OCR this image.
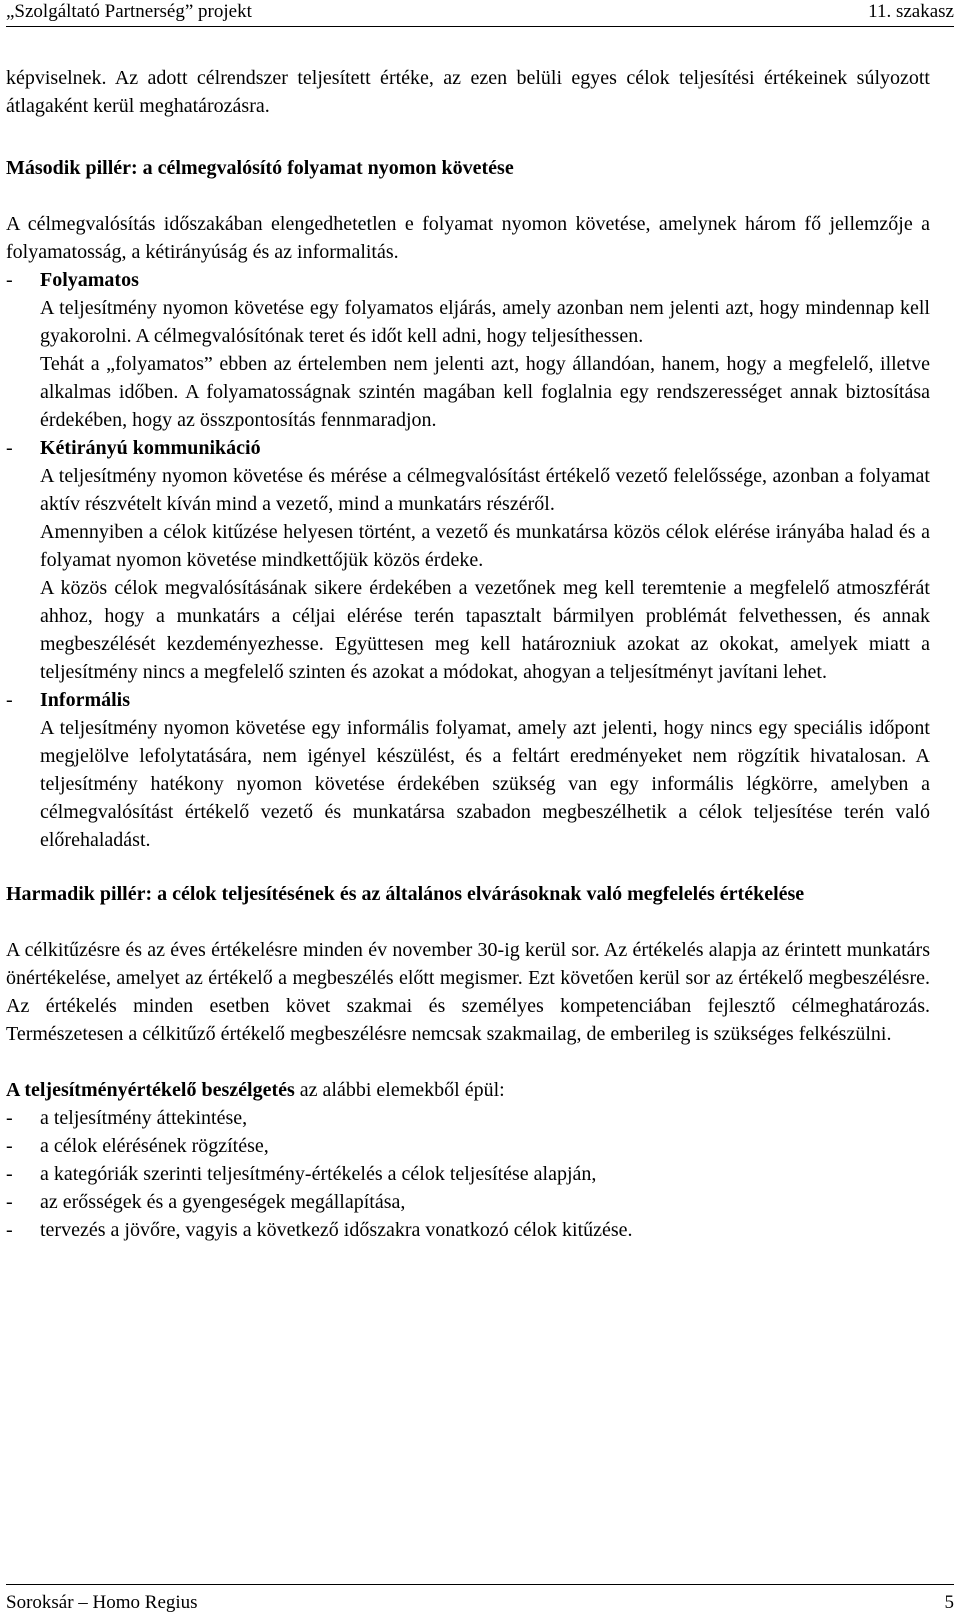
„Szolgáltató Partnerség” projekt	11. szakasz

képviselnek. Az adott célrendszer teljesített értéke, az ezen belüli egyes célok teljesítési értékeinek súlyozott átlagaként kerül meghatározásra.

Második pillér: a célmegvalósító folyamat nyomon követése

A célmegvalósítás időszakában elengedhetetlen e folyamat nyomon követése, amelynek három fő jellemzője a folyamatosság, a kétirányúság és az informalitás.

- Folyamatos

A teljesítmény nyomon követése egy folyamatos eljárás, amely azonban nem jelenti azt, hogy mindennap kell gyakorolni. A célmegvalósítónak teret és időt kell adni, hogy teljesíthessen.

Tehát a „folyamatos” ebben az értelemben nem jelenti azt, hogy állandóan, hanem, hogy a megfelelő, illetve alkalmas időben. A folyamatosságnak szintén magában kell foglalnia egy rendszerességet annak biztosítása érdekében, hogy az összpontosítás fennmaradjon.

- Kétirányú kommunikáció

A teljesítmény nyomon követése és mérése a célmegvalósítást értékelő vezető felelőssége, azonban a folyamat aktív részvételt kíván mind a vezető, mind a munkatárs részéről.

Amennyiben a célok kitűzése helyesen történt, a vezető és munkatársa közös célok elérése irányába halad és a folyamat nyomon követése mindkettőjük közös érdeke.

A közös célok megvalósításának sikere érdekében a vezetőnek meg kell teremtenie a megfelelő atmoszférát ahhoz, hogy a munkatárs a céljai elérése terén tapasztalt bármilyen problémát felvethessen, és annak megbeszélését kezdeményezhesse. Együttesen meg kell határozniuk azokat az okokat, amelyek miatt a teljesítmény nincs a megfelelő szinten és azokat a módokat, ahogyan a teljesítményt javítani lehet.

- Informális

A teljesítmény nyomon követése egy informális folyamat, amely azt jelenti, hogy nincs egy speciális időpont megjelölve lefolytatására, nem igényel készülést, és a feltárt eredményeket nem rögzítik hivatalosan. A teljesítmény hatékony nyomon követése érdekében szükség van egy informális légkörre, amelyben a célmegvalósítást értékelő vezető és munkatársa szabadon megbeszélhetik a célok teljesítése terén való előrehaladást.

Harmadik pillér: a célok teljesítésének és az általános elvárásoknak való megfelelés értékelése

A célkitűzésre és az éves értékelésre minden év november 30-ig kerül sor. Az értékelés alapja az érintett munkatárs önértékelése, amelyet az értékelő a megbeszélés előtt megismer. Ezt követően kerül sor az értékelő megbeszélésre. Az értékelés minden esetben követ szakmai és személyes kompetenciában fejlesztő célmeghatározás. Természetesen a célkitűző értékelő megbeszélésre nemcsak szakmailag, de emberileg is szükséges felkészülni.

A teljesítményértékelő beszélgetés az alábbi elemekből épül:

- a teljesítmény áttekintése,
- a célok elérésének rögzítése,
- a kategóriák szerinti teljesítmény-értékelés a célok teljesítése alapján,
- az erősségek és a gyengeségek megállapítása,
- tervezés a jövőre, vagyis a következő időszakra vonatkozó célok kitűzése.
Soroksár – Homo Regius	5
